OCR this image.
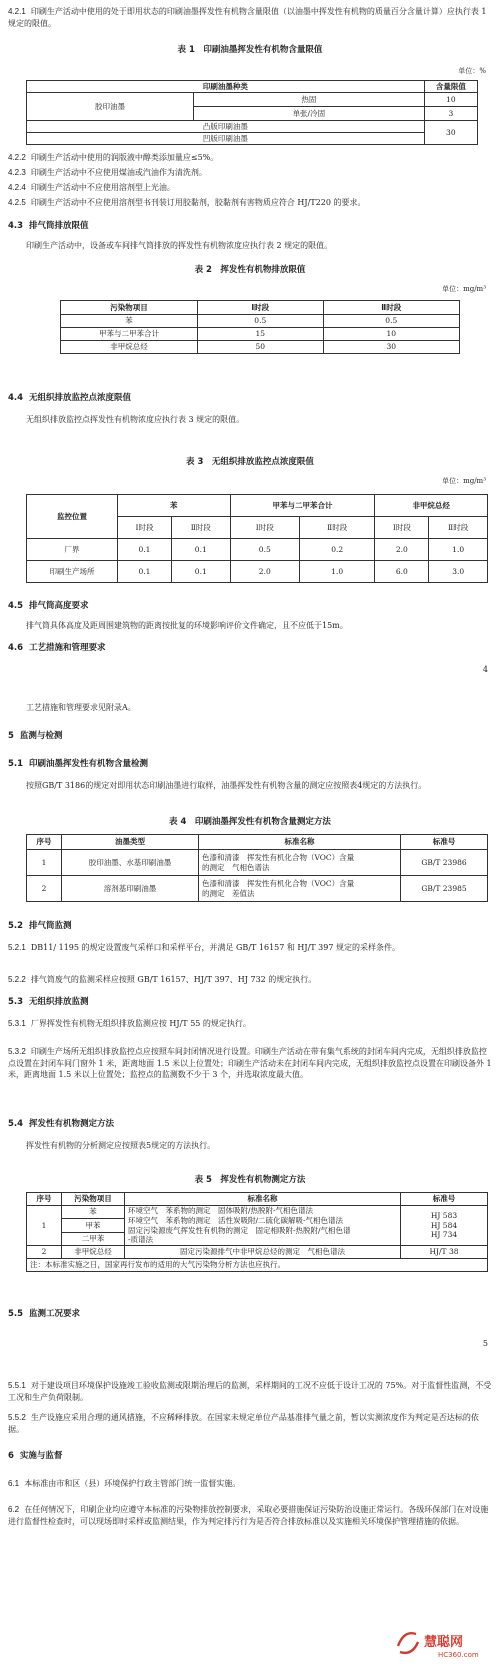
4.2.1 印刷生产活动中使用的处于即用状态的印刷油墨挥发性有机物含量限值（以油墨中挥发性有机物的质量百分含量计算）应执行表 1 规定的限值。
表 1　印刷油墨挥发性有机物含量限值
单位：%
印刷油墨种类		含量限值
胶印油墨	热固	10
	单张/冷固	3
凸版印刷油墨		30
凹版印刷油墨		
4.2.2 印刷生产活动中使用的润版液中醇类添加量应≤5%。
4.2.3 印刷生产活动中不应使用煤油或汽油作为清洗剂。
4.2.4 印刷生产活动中不应使用溶剂型上光油。
4.2.5 印刷生产活动中不应使用溶剂型书刊装订用胶黏剂，胶黏剂有害物质应符合 HJ/T220 的要求。
4.3 排气筒排放限值
印刷生产活动中，设备或车间排气筒排放的挥发性有机物浓度应执行表 2 规定的限值。
表 2　挥发性有机物排放限值
单位：mg/m³
污染物项目	Ⅰ时段	Ⅱ时段
苯	0.5	0.5
甲苯与二甲苯合计	15	10
非甲烷总烃	50	30
4.4 无组织排放监控点浓度限值
无组织排放监控点挥发性有机物浓度应执行表 3 规定的限值。
表 3　无组织排放监控点浓度限值
单位：mg/m³
监控位置	苯		甲苯与二甲苯合计		非甲烷总烃	
	Ⅰ时段	Ⅱ时段	Ⅰ时段	Ⅱ时段	Ⅰ时段	Ⅱ时段
厂界	0.1	0.1	0.5	0.2	2.0	1.0
印刷生产场所	0.1	0.1	2.0	1.0	6.0	3.0
4.5 排气筒高度要求
排气筒具体高度及距周围建筑物的距离按批复的环境影响评价文件确定，且不应低于15m。
4.6 工艺措施和管理要求
4
工艺措施和管理要求见附录A。
5 监测与检测
5.1 印刷油墨挥发性有机物含量检测
按照GB/T 3186的规定对即用状态印刷油墨进行取样，油墨挥发性有机物含量的测定应按照表4规定的方法执行。
表 4　印刷油墨挥发性有机物含量测定方法
序号	油墨类型	标准名称	标准号
1	胶印油墨、水基印刷油墨	色漆和清漆　挥发性有机化合物（VOC）含量
的测定　气相色谱法	GB/T 23986
2	溶剂基印刷油墨	色漆和清漆　挥发性有机化合物（VOC）含量
的测定　差值法	GB/T 23985
5.2 排气筒监测
5.2.1 DB11/ 1195 的规定设置废气采样口和采样平台，并满足 GB/T 16157 和 HJ/T 397 规定的采样条件。
5.2.2 排气筒废气的监测采样应按照 GB/T 16157、HJ/T 397、HJ 732 的规定执行。
5.3 无组织排放监测
5.3.1 厂界挥发性有机物无组织排放监测应按 HJ/T 55 的规定执行。
5.3.2 印刷生产场所无组织排放监控点应按照车间封闭情况进行设置。印刷生产活动在带有集气系统的封闭车间内完成，无组织排放监控点设置在封闭车间门窗外 1 米，距离地面 1.5 米以上位置处；印刷生产活动未在封闭车间内完成，无组织排放监控点设置在印刷设备外 1 米，距离地面 1.5 米以上位置处；监控点的监测数不少于 3 个，并选取浓度最大值。
5.4 挥发性有机物测定方法
挥发性有机物的分析测定应按照表5规定的方法执行。
表 5　挥发性有机物测定方法
序号	污染物项目	标准名称	标准号
1	苯	环境空气　苯系物的测定　固体吸附/热脱附-气相色谱法
环境空气　苯系物的测定　活性炭吸附/二硫化碳解吸-气相色谱法
固定污染源废气挥发性有机物的测定　固定相吸附-热脱附/气相色谱
-质谱法	HJ 583
HJ 584
HJ 734
	甲苯		
	二甲苯		
2	非甲烷总烃	固定污染源排气中非甲烷总烃的测定　气相色谱法	HJ/T 38
注：本标准实施之日，国家再行发布的适用的大气污染物分析方法也应执行。			
5.5 监测工况要求
5
5.5.1 对于建设项目环境保护设施竣工验收监测或限期治理后的监测，采样期间的工况不应低于设计工况的 75%。对于监督性监测，不受工况和生产负荷限制。
5.5.2 生产设施应采用合理的通风措施，不应稀释排放。在国家未规定单位产品基准排气量之前，暂以实测浓度作为判定是否达标的依据。
6 实施与监督
6.1 本标准由市和区（县）环境保护行政主管部门统一监督实施。
6.2 在任何情况下，印刷企业均应遵守本标准的污染物排放控制要求，采取必要措施保证污染防治设施正常运行。各级环保部门在对设施进行监督性检查时，可以现场即时采样或监测结果，作为判定排污行为是否符合排放标准以及实施相关环境保护管理措施的依据。
慧聪网
HC360.com
